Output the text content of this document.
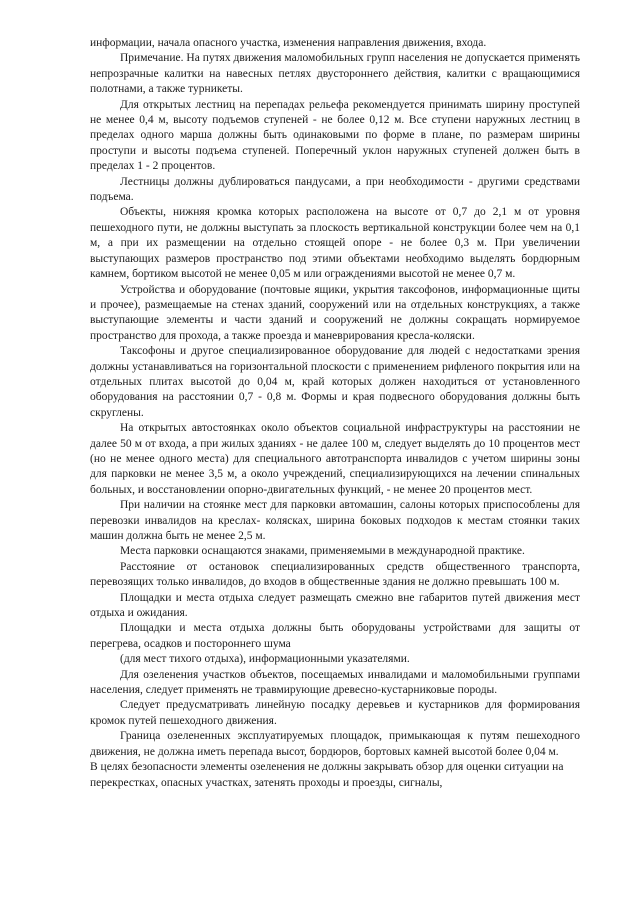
информации, начала опасного участка, изменения направления движения, входа.

Примечание. На путях движения маломобильных групп населения не допускается применять непрозрачные калитки на навесных петлях двустороннего действия, калитки с вращающимися полотнами, а также турникеты.

Для открытых лестниц на перепадах рельефа рекомендуется принимать ширину проступей не менее 0,4 м, высоту подъемов ступеней - не более 0,12 м. Все ступени наружных лестниц в пределах одного марша должны быть одинаковыми по форме в плане, по размерам ширины проступи и высоты подъема ступеней. Поперечный уклон наружных ступеней должен быть в пределах 1 - 2 процентов.

Лестницы должны дублироваться пандусами, а при необходимости - другими средствами подъема.

Объекты, нижняя кромка которых расположена на высоте от 0,7 до 2,1 м от уровня пешеходного пути, не должны выступать за плоскость вертикальной конструкции более чем на 0,1 м, а при их размещении на отдельно стоящей опоре - не более 0,3 м. При увеличении выступающих размеров пространство под этими объектами необходимо выделять бордюрным камнем, бортиком высотой не менее 0,05 м или ограждениями высотой не менее 0,7 м.

Устройства и оборудование (почтовые ящики, укрытия таксофонов, информационные щиты и прочее), размещаемые на стенах зданий, сооружений или на отдельных конструкциях, а также выступающие элементы и части зданий и сооружений не должны сокращать нормируемое пространство для прохода, а также проезда и маневрирования кресла-коляски.

Таксофоны и другое специализированное оборудование для людей с недостатками зрения должны устанавливаться на горизонтальной плоскости с применением рифленого покрытия или на отдельных плитах высотой до 0,04 м, край которых должен находиться от установленного оборудования на расстоянии 0,7 - 0,8 м. Формы и края подвесного оборудования должны быть скруглены.

На открытых автостоянках около объектов социальной инфраструктуры на расстоянии не далее 50 м от входа, а при жилых зданиях - не далее 100 м, следует выделять до 10 процентов мест (но не менее одного места) для специального автотранспорта инвалидов с учетом ширины зоны для парковки не менее 3,5 м, а около учреждений, специализирующихся на лечении спинальных больных, и восстановлении опорно-двигательных функций, - не менее 20 процентов мест.

При наличии на стоянке мест для парковки автомашин, салоны которых приспособлены для перевозки инвалидов на креслах- колясках, ширина боковых подходов к местам стоянки таких машин должна быть не менее 2,5 м.

Места парковки оснащаются знаками, применяемыми в международной практике.

Расстояние от остановок специализированных средств общественного транспорта, перевозящих только инвалидов, до входов в общественные здания не должно превышать 100 м.

Площадки и места отдыха следует размещать смежно вне габаритов путей движения мест отдыха и ожидания.

Площадки и места отдыха должны быть оборудованы устройствами для защиты от перегрева, осадков и постороннего шума

(для мест тихого отдыха), информационными указателями.

Для озеленения участков объектов, посещаемых инвалидами и маломобильными группами населения, следует применять не травмирующие древесно-кустарниковые породы.

Следует предусматривать линейную посадку деревьев и кустарников для формирования кромок путей пешеходного движения.

Граница озелененных эксплуатируемых площадок, примыкающая к путям пешеходного движения, не должна иметь перепада высот, бордюров, бортовых камней высотой более 0,04 м.

В целях безопасности элементы озеленения не должны закрывать обзор для оценки ситуации на перекрестках, опасных участках, затенять проходы и проезды, сигналы,
